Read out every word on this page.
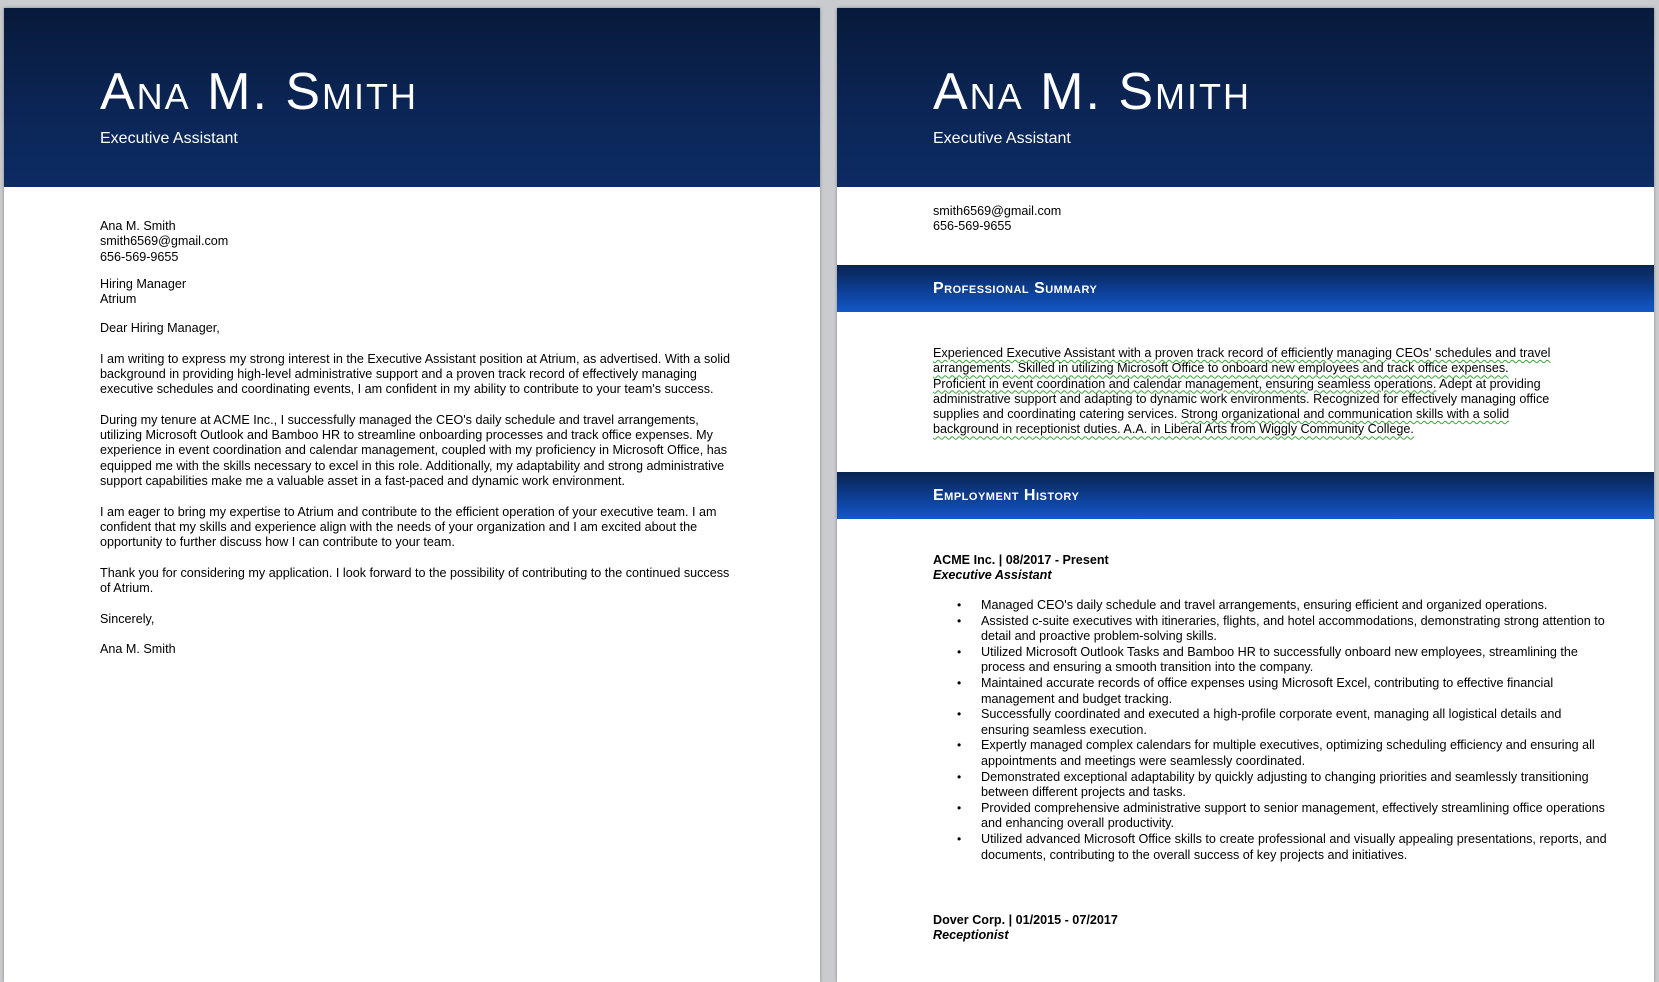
Ana M. Smith
Executive Assistant

Ana M. Smith

smith6569@gmail.com

656-569-9655

Hiring Manager

Atrium

Dear Hiring Manager,

I am writing to express my strong interest in the Executive Assistant position at Atrium, as advertised. With a solid background in providing high-level administrative support and a proven track record of effectively managing executive schedules and coordinating events, I am confident in my ability to contribute to your team's success.

During my tenure at ACME Inc., I successfully managed the CEO's daily schedule and travel arrangements, utilizing Microsoft Outlook and Bamboo HR to streamline onboarding processes and track office expenses. My experience in event coordination and calendar management, coupled with my proficiency in Microsoft Office, has equipped me with the skills necessary to excel in this role. Additionally, my adaptability and strong administrative support capabilities make me a valuable asset in a fast-paced and dynamic work environment.

I am eager to bring my expertise to Atrium and contribute to the efficient operation of your executive team. I am confident that my skills and experience align with the needs of your organization and I am excited about the opportunity to further discuss how I can contribute to your team.

Thank you for considering my application. I look forward to the possibility of contributing to the continued success of Atrium.

Sincerely,

Ana M. Smith

Ana M. Smith
Executive Assistant

smith6569@gmail.com

656-569-9655

Professional Summary
Experienced Executive Assistant with a proven track record of efficiently managing CEOs' schedules and travel arrangements. Skilled in utilizing Microsoft Office to onboard new employees and track office expenses. Proficient in event coordination and calendar management, ensuring seamless operations. Adept at providing administrative support and adapting to dynamic work environments. Recognized for effectively managing office supplies and coordinating catering services. Strong organizational and communication skills with a solid background in receptionist duties. A.A. in Liberal Arts from Wiggly Community College.
Employment History
ACME Inc. | 08/2017 - Present
Executive Assistant
• Managed CEO's daily schedule and travel arrangements, ensuring efficient and organized operations.
• Assisted c-suite executives with itineraries, flights, and hotel accommodations, demonstrating strong attention to detail and proactive problem-solving skills.
• Utilized Microsoft Outlook Tasks and Bamboo HR to successfully onboard new employees, streamlining the process and ensuring a smooth transition into the company.
• Maintained accurate records of office expenses using Microsoft Excel, contributing to effective financial management and budget tracking.
• Successfully coordinated and executed a high-profile corporate event, managing all logistical details and ensuring seamless execution.
• Expertly managed complex calendars for multiple executives, optimizing scheduling efficiency and ensuring all appointments and meetings were seamlessly coordinated.
• Demonstrated exceptional adaptability by quickly adjusting to changing priorities and seamlessly transitioning between different projects and tasks.
• Provided comprehensive administrative support to senior management, effectively streamlining office operations and enhancing overall productivity.
• Utilized advanced Microsoft Office skills to create professional and visually appealing presentations, reports, and documents, contributing to the overall success of key projects and initiatives.
Dover Corp. | 01/2015 - 07/2017
Receptionist
